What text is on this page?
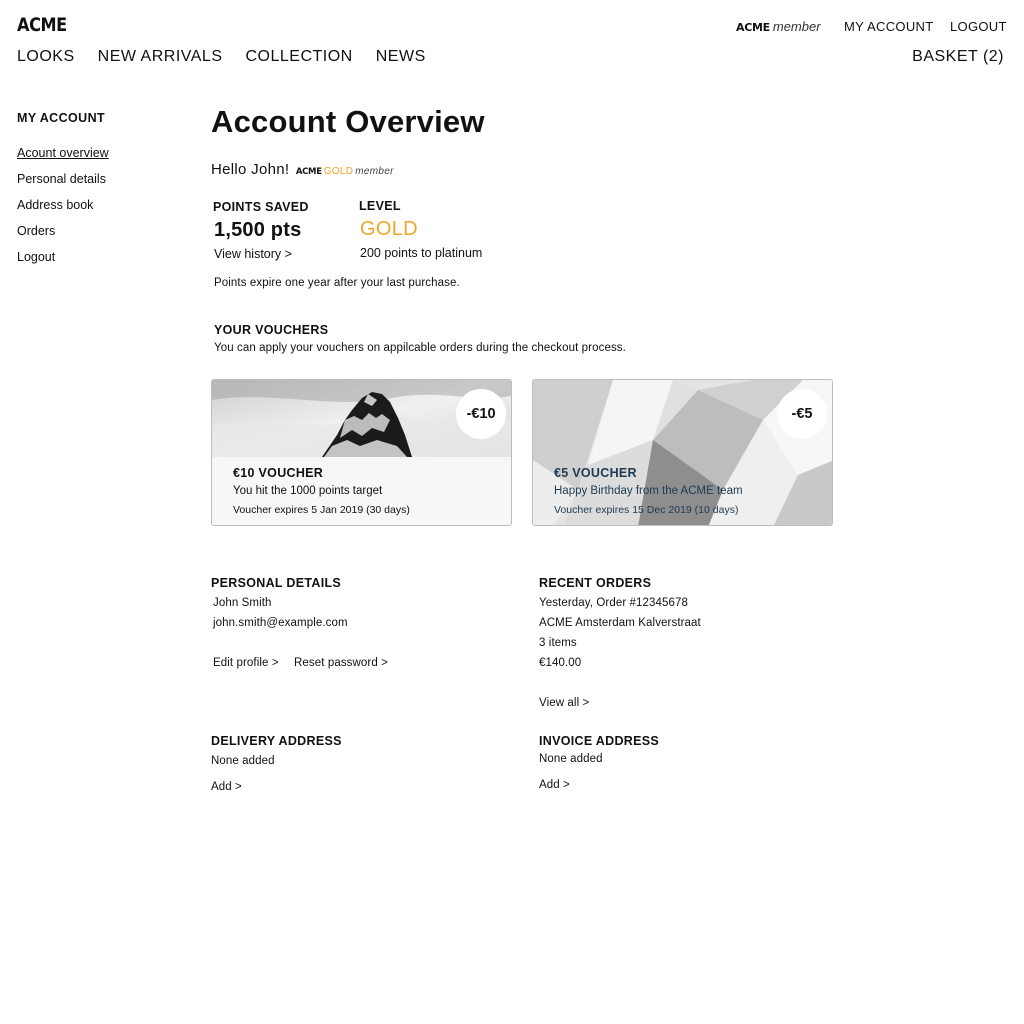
ACME	ACME member MY ACCOUNT LOGOUT
LOOKS NEW ARRIVALS COLLECTION NEWS	BASKET (2)
MY ACCOUNT
Acount overview
Personal details
Address book
Orders
Logout
Account Overview
Hello John! ACME GOLD member
POINTS SAVED
1,500 pts
View history >
LEVEL
GOLD
200 points to platinum
Points expire one year after your last purchase.
YOUR VOUCHERS
You can apply your vouchers on appilcable orders during the checkout process.
-€10
€10 VOUCHER
You hit the 1000 points target
Voucher expires 5 Jan 2019 (30 days)
-€5
€5 VOUCHER
Happy Birthday from the ACME team
Voucher expires 15 Dec 2019 (10 days)
PERSONAL DETAILS
John Smith
john.smith@example.com
Edit profile > Reset password >
RECENT ORDERS
Yesterday, Order #12345678
ACME Amsterdam Kalverstraat
3 items
€140.00
View all >
DELIVERY ADDRESS
None added
Add >
INVOICE ADDRESS
None added
Add >
